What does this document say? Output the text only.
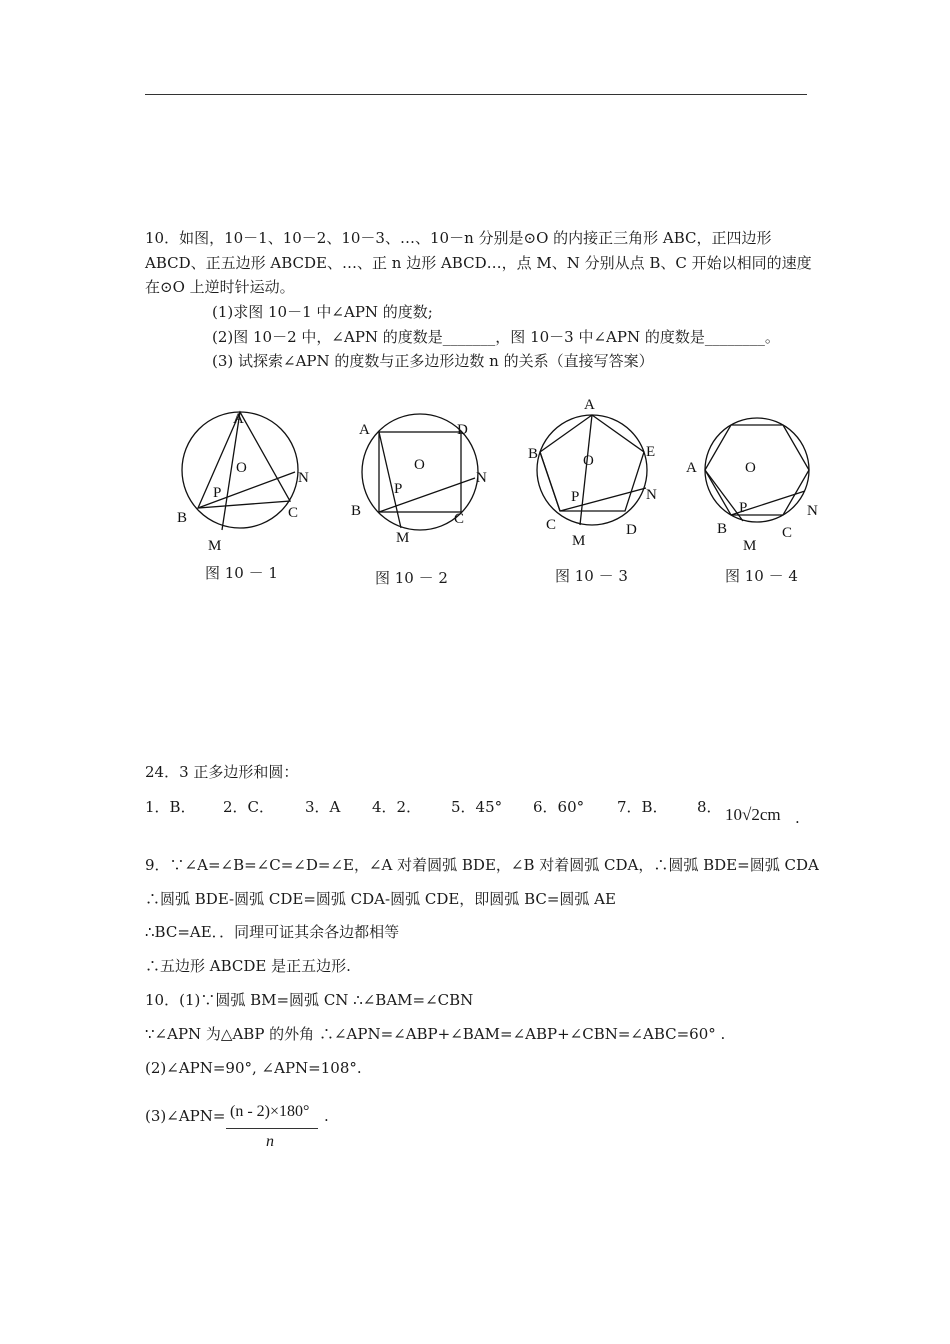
10．如图，10－1、10－2、10－3、…、10－n 分别是⊙O 的内接正三角形 ABC，正四边形
ABCD、正五边形 ABCDE、…、正 n 边形 ABCD…，点 M、N 分别从点 B、C 开始以相同的速度
在⊙O 上逆时针运动。
(1)求图 10－1 中∠APN 的度数;
(2)图 10－2 中，∠APN 的度数是_______，图 10－3 中∠APN 的度数是________。
(3) 试探索∠APN 的度数与正多边形边数 n 的关系（直接写答案）
A
O
N
P
B	C
M
图 10 － 1
A	D
O
N
P
B	C
M
图 10 － 2
A
B	E
O
N
P
C	D
M
图 10 － 3
A	O
N
P
B	C
M
图 10 － 4
24．3 正多边形和圆：
1．B． 2．C． 3．A 4．2． 5．45° 6．60° 7．B． 8． 10√2cm .
9．∵∠A=∠B=∠C=∠D=∠E，∠A 对着圆弧 BDE，∠B 对着圆弧 CDA，∴圆弧 BDE=圆弧 CDA
∴圆弧 BDE-圆弧 CDE=圆弧 CDA-圆弧 CDE，即圆弧 BC=圆弧 AE
∴BC=AE．．同理可证其余各边都相等
∴五边形 ABCDE 是正五边形.
10．(1)∵圆弧 BM=圆弧 CN ∴∠BAM=∠CBN
∵∠APN 为△ABP 的外角 ∴∠APN=∠ABP+∠BAM=∠ABP+∠CBN=∠ABC=60° .
(2)∠APN=90°, ∠APN=108°.
(3)∠APN= (n - 2)×180°
n
.
